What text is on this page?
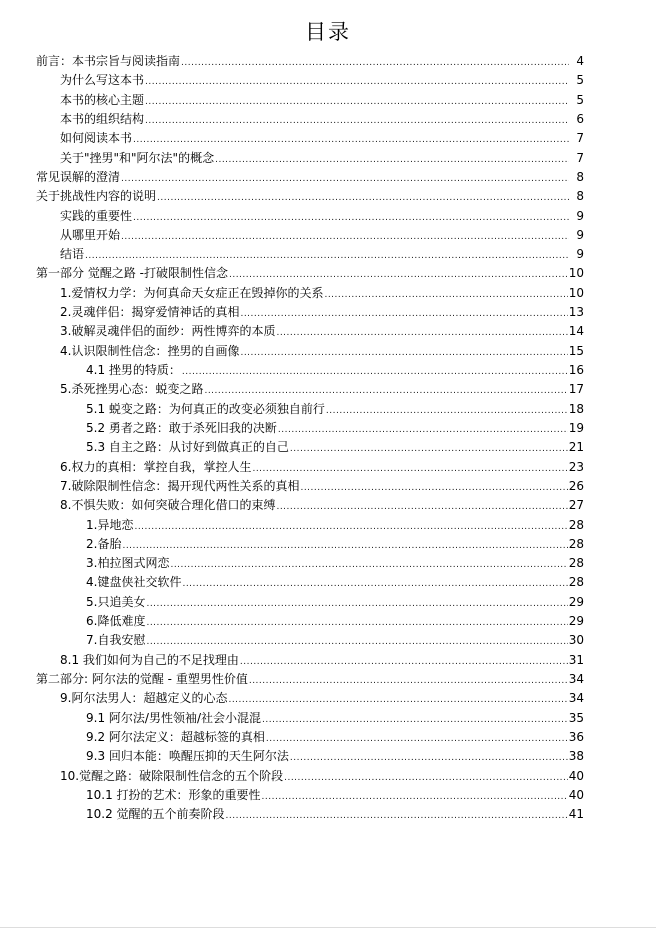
目录
前言：本书宗旨与阅读指南 .....	4
为什么写这本书 .....	5
本书的核心主题 .....	5
本书的组织结构 .....	6
如何阅读本书 .....	7
关于"挫男"和"阿尔法"的概念 .....	7
常见误解的澄清 .....	8
关于挑战性内容的说明 .....	8
实践的重要性 .....	9
从哪里开始 .....	9
结语 .....	9
第一部分 觉醒之路 -打破限制性信念 .....	10
1.爱情权力学：为何真命天女症正在毁掉你的关系 .....	10
2.灵魂伴侣：揭穿爱情神话的真相 .....	13
3.破解灵魂伴侣的面纱：两性博弈的本质 .....	14
4.认识限制性信念：挫男的自画像 .....	15
4.1 挫男的特质： .....	16
5.杀死挫男心态：蜕变之路 .....	17
5.1 蜕变之路：为何真正的改变必须独自前行 .....	18
5.2 勇者之路：敢于杀死旧我的决断 .....	19
5.3 自主之路：从讨好到做真正的自己 .....	21
6.权力的真相：掌控自我，掌控人生 .....	23
7.破除限制性信念：揭开现代两性关系的真相 .....	26
8.不惧失败：如何突破合理化借口的束缚 .....	27
1.异地恋 .....	28
2.备胎 .....	28
3.柏拉图式网恋 .....	28
4.键盘侠社交软件 .....	28
5.只追美女 .....	29
6.降低难度 .....	29
7.自我安慰 .....	30
8.1 我们如何为自己的不足找理由 .....	31
第二部分: 阿尔法的觉醒 - 重塑男性价值 .....	34
9.阿尔法男人：超越定义的心态 .....	34
9.1 阿尔法/男性领袖/社会小混混 .....	35
9.2 阿尔法定义：超越标签的真相 .....	36
9.3 回归本能：唤醒压抑的天生阿尔法 .....	38
10.觉醒之路：破除限制性信念的五个阶段 .....	40
10.1 打扮的艺术：形象的重要性 .....	40
10.2 觉醒的五个前奏阶段 .....	41
